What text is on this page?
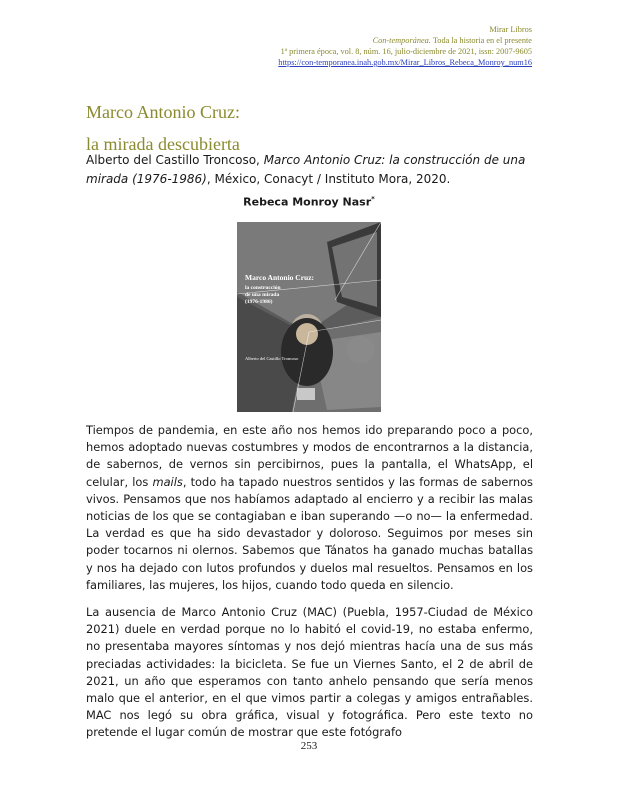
Mirar Libros
Con-temporánea. Toda la historia en el presente
1ª primera época, vol. 8, núm. 16, julio-diciembre de 2021, issn: 2007-9605
https://con-temporanea.inah.gob.mx/Mirar_Libros_Rebeca_Monroy_num16
Marco Antonio Cruz:
la mirada descubierta
Alberto del Castillo Troncoso, Marco Antonio Cruz: la construcción de una mirada (1976-1986), México, Conacyt / Instituto Mora, 2020.
Rebeca Monroy Nasr*
Marco Antonio Cruz:
la construcción
de una mirada
(1976-1986)
Alberto del Castillo Troncoso
Tiempos de pandemia, en este año nos hemos ido preparando poco a poco, hemos adoptado nuevas costumbres y modos de encontrarnos a la distancia, de sabernos, de vernos sin percibirnos, pues la pantalla, el WhatsApp, el celular, los mails, todo ha tapado nuestros sentidos y las formas de sabernos vivos. Pensamos que nos habíamos adaptado al encierro y a recibir las malas noticias de los que se contagiaban e iban superando —o no— la enfermedad. La verdad es que ha sido devastador y doloroso. Seguimos por meses sin poder tocarnos ni olernos. Sabemos que Tánatos ha ganado muchas batallas y nos ha dejado con lutos profundos y duelos mal resueltos. Pensamos en los familiares, las mujeres, los hijos, cuando todo queda en silencio.
La ausencia de Marco Antonio Cruz (MAC) (Puebla, 1957-Ciudad de México 2021) duele en verdad porque no lo habitó el covid-19, no estaba enfermo, no presentaba mayores síntomas y nos dejó mientras hacía una de sus más preciadas actividades: la bicicleta. Se fue un Viernes Santo, el 2 de abril de 2021, un año que esperamos con tanto anhelo pensando que sería menos malo que el anterior, en el que vimos partir a colegas y amigos entrañables. MAC nos legó su obra gráfica, visual y fotográfica. Pero este texto no pretende el lugar común de mostrar que este fotógrafo
253
